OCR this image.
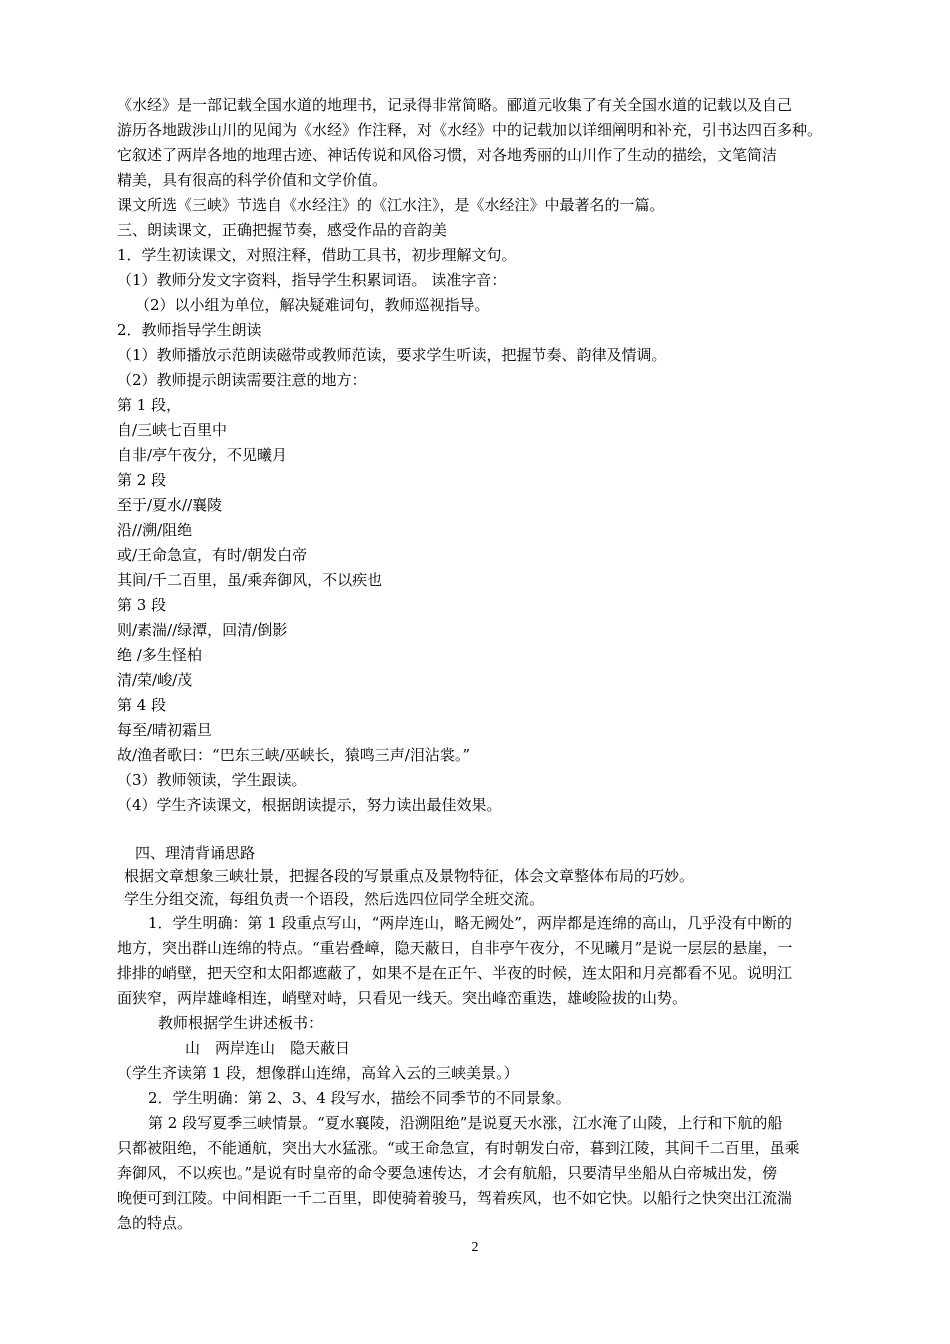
《水经》是一部记载全国水道的地理书，记录得非常简略。郦道元收集了有关全国水道的记载以及自己
游历各地跋涉山川的见闻为《水经》作注释，对《水经》中的记载加以详细阐明和补充，引书达四百多种。
它叙述了两岸各地的地理古迹、神话传说和风俗习惯，对各地秀丽的山川作了生动的描绘，文笔简洁
精美，具有很高的科学价值和文学价值。
课文所选《三峡》节选自《水经注》的《江水注》，是《水经注》中最著名的一篇。
三、朗读课文，正确把握节奏，感受作品的音韵美
1．学生初读课文，对照注释，借助工具书，初步理解文句。
（1）教师分发文字资料，指导学生积累词语。 读准字音：
（2）以小组为单位，解决疑难词句，教师巡视指导。
2．教师指导学生朗读
（1）教师播放示范朗读磁带或教师范读，要求学生听读，把握节奏、韵律及情调。
（2）教师提示朗读需要注意的地方：
第 1 段，
自/三峡七百里中
自非/亭午夜分，不见曦月
第 2 段
至于/夏水//襄陵
沿//溯/阻绝
或/王命急宣，有时/朝发白帝
其间/千二百里，虽/乘奔御风，不以疾也
第 3 段
则/素湍//绿潭，回清/倒影
绝 /多生怪柏
清/荣/峻/茂
第 4 段
每至/晴初霜旦
故/渔者歌曰：“巴东三峡/巫峡长，猿鸣三声/泪沾裳。”
（3）教师领读，学生跟读。
（4）学生齐读课文，根据朗读提示，努力读出最佳效果。
四、理清背诵思路
根据文章想象三峡壮景，把握各段的写景重点及景物特征，体会文章整体布局的巧妙。
学生分组交流，每组负责一个语段，然后选四位同学全班交流。
1．学生明确：第 1 段重点写山，“两岸连山，略无阙处”，两岸都是连绵的高山，几乎没有中断的
地方，突出群山连绵的特点。“重岩叠嶂，隐天蔽日，自非亭午夜分，不见曦月”是说一层层的悬崖，一
排排的峭壁，把天空和太阳都遮蔽了，如果不是在正午、半夜的时候，连太阳和月亮都看不见。说明江
面狭窄，两岸雄峰相连，峭壁对峙，只看见一线天。突出峰峦重迭，雄峻险拔的山势。
教师根据学生讲述板书：
山　两岸连山　隐天蔽日
（学生齐读第 1 段，想像群山连绵，高耸入云的三峡美景。）
2．学生明确：第 2、3、4 段写水，描绘不同季节的不同景象。
第 2 段写夏季三峡情景。“夏水襄陵，沿溯阻绝”是说夏天水涨，江水淹了山陵，上行和下航的船
只都被阻绝，不能通航，突出大水猛涨。“或王命急宣，有时朝发白帝，暮到江陵，其间千二百里，虽乘
奔御风，不以疾也。”是说有时皇帝的命令要急速传达，才会有航船，只要清早坐船从白帝城出发，傍
晚便可到江陵。中间相距一千二百里，即使骑着骏马，驾着疾风，也不如它快。以船行之快突出江流湍
急的特点。
2
